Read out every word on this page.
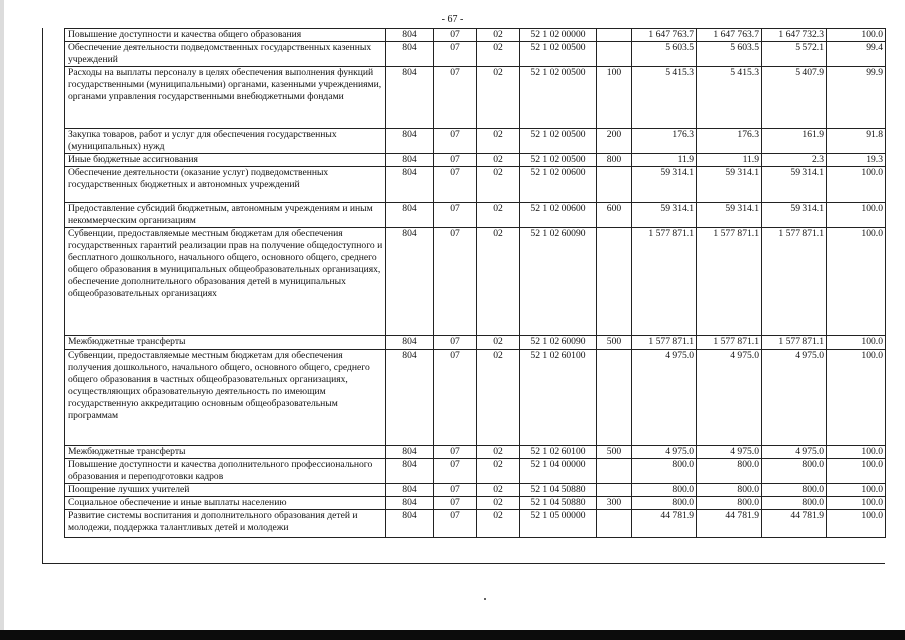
- 67 -
Повышение доступности и качества общего образования	804	07	02	52 1 02 00000		1 647 763.7	1 647 763.7	1 647 732.3	100.0
Обеспечение деятельности подведомственных государственных казенных учреждений	804	07	02	52 1 02 00500		5 603.5	5 603.5	5 572.1	99.4
Расходы на выплаты персоналу в целях обеспечения выполнения функций государственными (муниципальными) органами, казенными учреждениями, органами управления государственными внебюджетными фондами	804	07	02	52 1 02 00500	100	5 415.3	5 415.3	5 407.9	99.9
Закупка товаров, работ и услуг для обеспечения государственных (муниципальных) нужд	804	07	02	52 1 02 00500	200	176.3	176.3	161.9	91.8
Иные бюджетные ассигнования	804	07	02	52 1 02 00500	800	11.9	11.9	2.3	19.3
Обеспечение деятельности (оказание услуг) подведомственных государственных бюджетных и автономных учреждений	804	07	02	52 1 02 00600		59 314.1	59 314.1	59 314.1	100.0
Предоставление субсидий бюджетным, автономным учреждениям и иным некоммерческим организациям	804	07	02	52 1 02 00600	600	59 314.1	59 314.1	59 314.1	100.0
Субвенции, предоставляемые местным бюджетам для обеспечения государственных гарантий реализации прав на получение общедоступного и бесплатного дошкольного, начального общего, основного общего, среднего общего образования в муниципальных общеобразовательных организациях, обеспечение дополнительного образования детей в муниципальных общеобразовательных организациях	804	07	02	52 1 02 60090		1 577 871.1	1 577 871.1	1 577 871.1	100.0
Межбюджетные трансферты	804	07	02	52 1 02 60090	500	1 577 871.1	1 577 871.1	1 577 871.1	100.0
Субвенции, предоставляемые местным бюджетам для обеспечения получения дошкольного, начального общего, основного общего, среднего общего образования в частных общеобразовательных организациях, осуществляющих образовательную деятельность по имеющим государственную аккредитацию основным общеобразовательным программам	804	07	02	52 1 02 60100		4 975.0	4 975.0	4 975.0	100.0
Межбюджетные трансферты	804	07	02	52 1 02 60100	500	4 975.0	4 975.0	4 975.0	100.0
Повышение доступности и качества дополнительного профессионального образования и переподготовки кадров	804	07	02	52 1 04 00000		800.0	800.0	800.0	100.0
Поощрение лучших учителей	804	07	02	52 1 04 50880		800.0	800.0	800.0	100.0
Социальное обеспечение и иные выплаты населению	804	07	02	52 1 04 50880	300	800.0	800.0	800.0	100.0
Развитие системы воспитания и дополнительного образования детей и молодежи, поддержка талантливых детей и молодежи	804	07	02	52 1 05 00000		44 781.9	44 781.9	44 781.9	100.0
